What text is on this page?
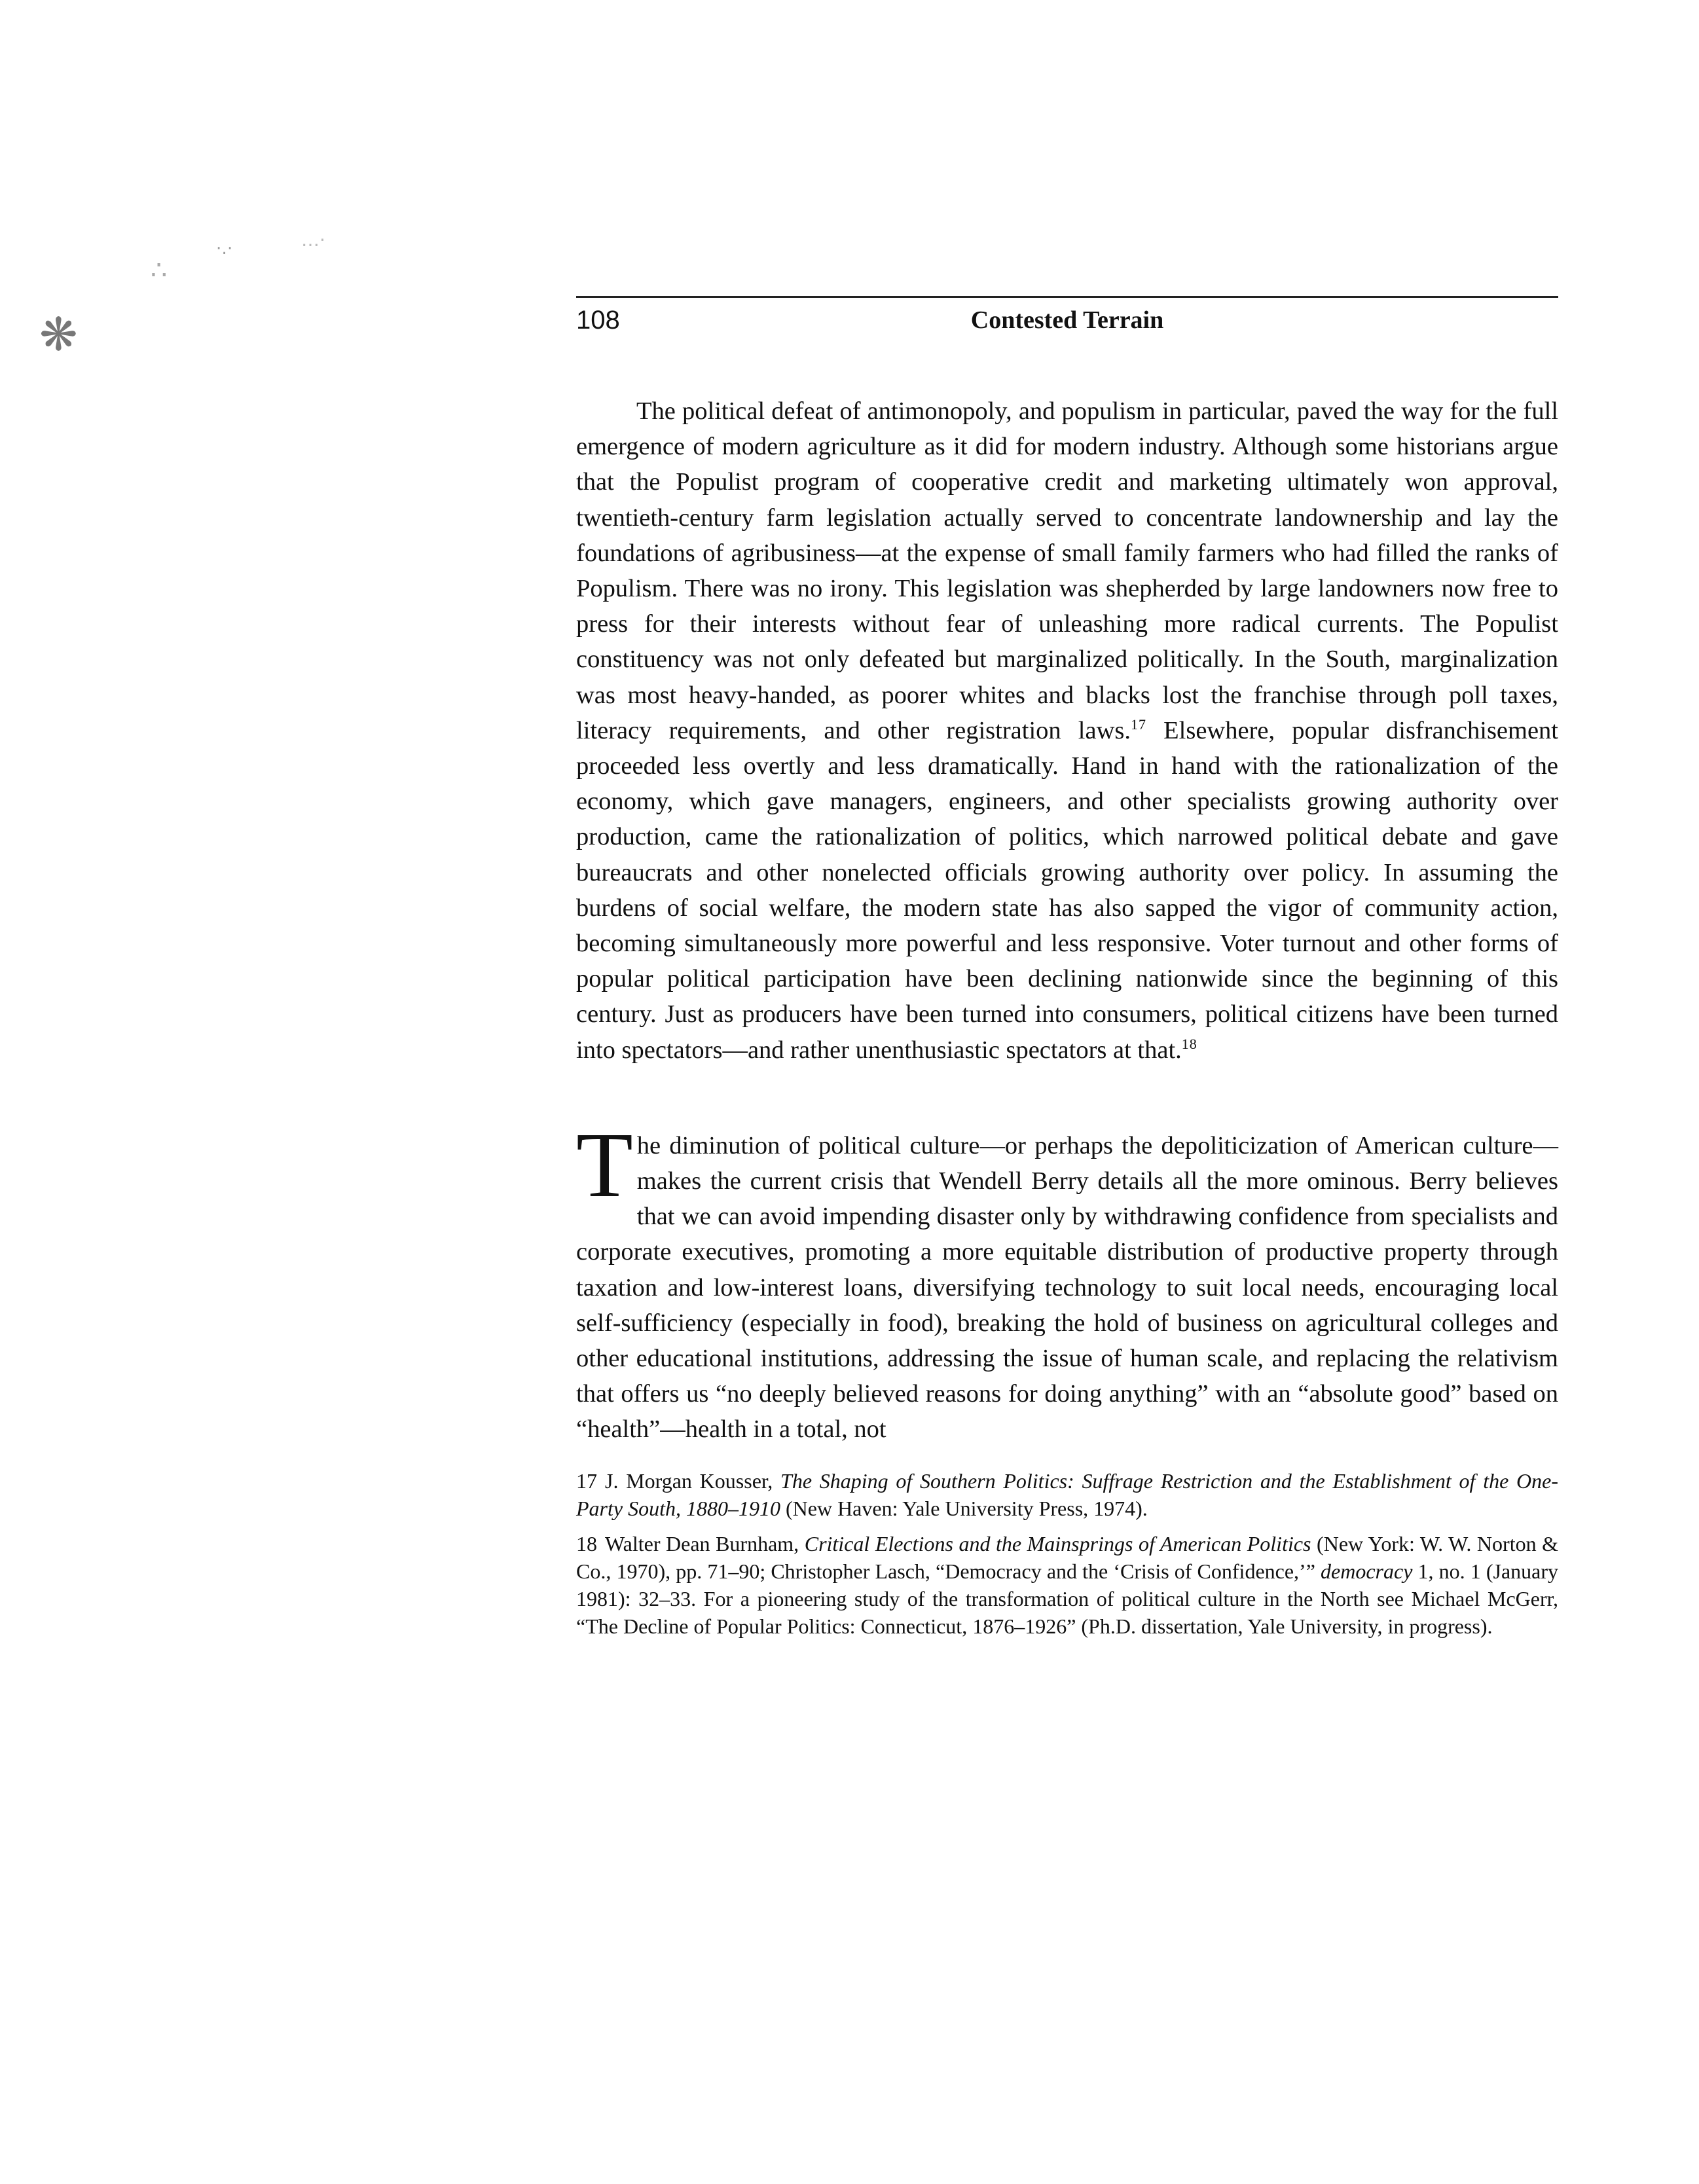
❋
∴
·․·	…·
108	Contested Terrain

The political defeat of antimonopoly, and populism in particular, paved the way for the full emergence of modern agriculture as it did for modern industry. Although some historians argue that the Populist program of cooperative credit and marketing ultimately won approval, twentieth-century farm legislation actually served to concentrate landownership and lay the foundations of agribusiness—at the expense of small family farmers who had filled the ranks of Populism. There was no irony. This legislation was shepherded by large landowners now free to press for their interests without fear of unleashing more radical currents. The Populist constituency was not only defeated but marginalized politically. In the South, marginalization was most heavy-handed, as poorer whites and blacks lost the franchise through poll taxes, literacy requirements, and other registration laws.$^{17}$ Elsewhere, popular disfranchisement proceeded less overtly and less dramatically. Hand in hand with the rationalization of the economy, which gave managers, engineers, and other specialists growing authority over production, came the rationalization of politics, which narrowed political debate and gave bureaucrats and other nonelected officials growing authority over policy. In assuming the burdens of social welfare, the modern state has also sapped the vigor of community action, becoming simultaneously more powerful and less responsive. Voter turnout and other forms of popular political participation have been declining nationwide since the beginning of this century. Just as producers have been turned into consumers, political citizens have been turned into spectators—and rather unenthusiastic spectators at that.$^{18}$

The diminution of political culture—or perhaps the depoliticization of American culture—makes the current crisis that Wendell Berry details all the more ominous. Berry believes that we can avoid impending disaster only by withdrawing confidence from specialists and corporate executives, promoting a more equitable distribution of productive property through taxation and low-interest loans, diversifying technology to suit local needs, encouraging local self-sufficiency (especially in food), breaking the hold of business on agricultural colleges and other educational institutions, addressing the issue of human scale, and replacing the relativism that offers us “no deeply believed reasons for doing anything” with an “absolute good” based on “health”—health in a total, not

17 J. Morgan Kousser, The Shaping of Southern Politics: Suffrage Restriction and the Establishment of the One-Party South, 1880–1910 (New Haven: Yale University Press, 1974).

18 Walter Dean Burnham, Critical Elections and the Mainsprings of American Politics (New York: W. W. Norton & Co., 1970), pp. 71–90; Christopher Lasch, “Democracy and the ‘Crisis of Confidence,’” democracy 1, no. 1 (January 1981): 32–33. For a pioneering study of the transformation of political culture in the North see Michael McGerr, “The Decline of Popular Politics: Connecticut, 1876–1926” (Ph.D. dissertation, Yale University, in progress).
